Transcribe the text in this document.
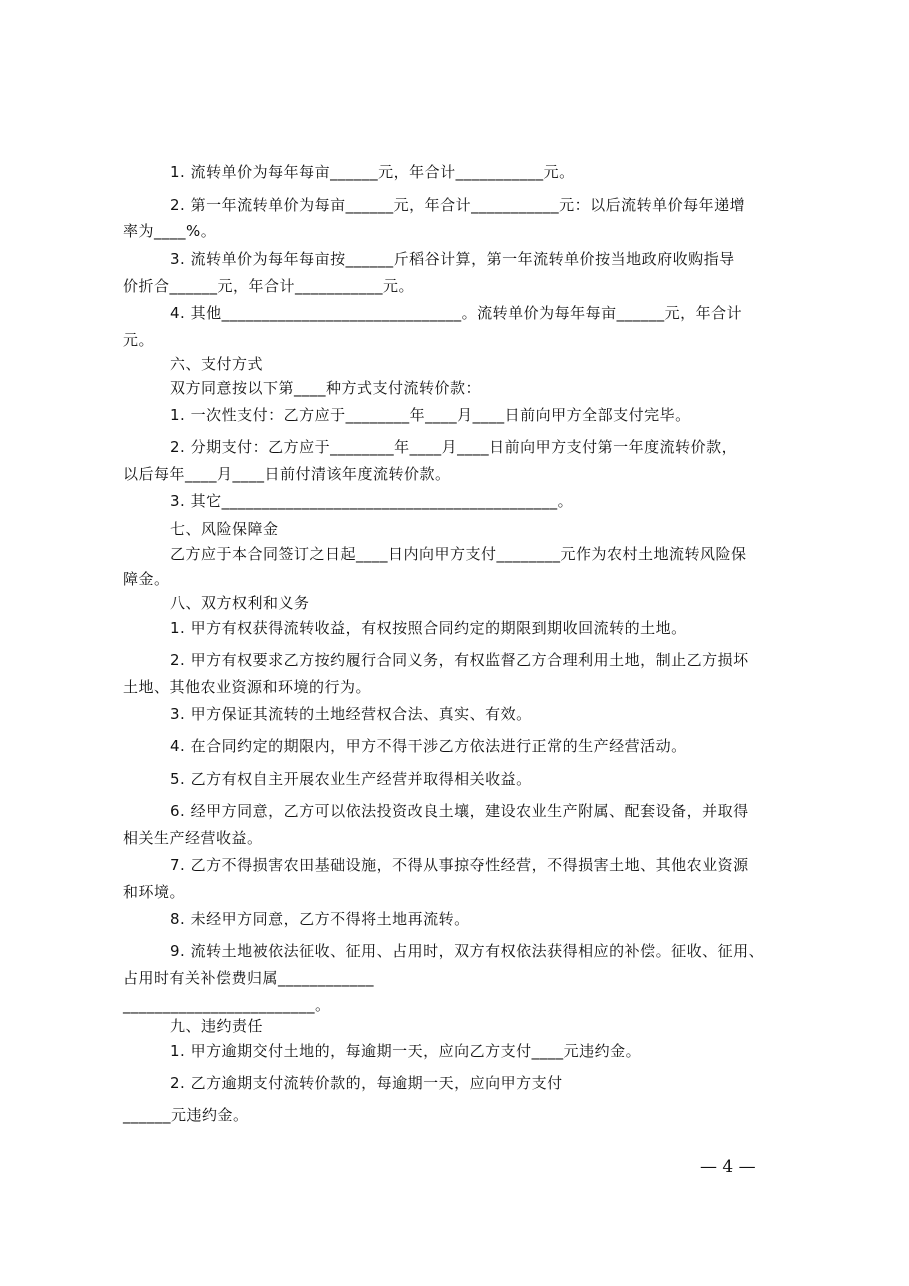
1. 流转单价为每年每亩______元，年合计___________元。
2. 第一年流转单价为每亩______元，年合计___________元：以后流转单价每年递增
率为____%。
3. 流转单价为每年每亩按______斤稻谷计算，第一年流转单价按当地政府收购指导
价折合______元，年合计___________元。
4. 其他______________________________。流转单价为每年每亩______元，年合计
元。
六、支付方式
双方同意按以下第____种方式支付流转价款：
1. 一次性支付：乙方应于________年____月____日前向甲方全部支付完毕。
2. 分期支付：乙方应于________年____月____日前向甲方支付第一年度流转价款，
以后每年____月____日前付清该年度流转价款。
3. 其它__________________________________________。
七、风险保障金
乙方应于本合同签订之日起____日内向甲方支付________元作为农村土地流转风险保
障金。
八、双方权利和义务
1. 甲方有权获得流转收益，有权按照合同约定的期限到期收回流转的土地。
2. 甲方有权要求乙方按约履行合同义务，有权监督乙方合理利用土地，制止乙方损坏
土地、其他农业资源和环境的行为。
3. 甲方保证其流转的土地经营权合法、真实、有效。
4. 在合同约定的期限内，甲方不得干涉乙方依法进行正常的生产经营活动。
5. 乙方有权自主开展农业生产经营并取得相关收益。
6. 经甲方同意，乙方可以依法投资改良土壤，建设农业生产附属、配套设备，并取得
相关生产经营收益。
7. 乙方不得损害农田基础设施，不得从事掠夺性经营，不得损害土地、其他农业资源
和环境。
8. 未经甲方同意，乙方不得将土地再流转。
9. 流转土地被依法征收、征用、占用时，双方有权依法获得相应的补偿。征收、征用、
占用时有关补偿费归属____________
________________________。
九、违约责任
1. 甲方逾期交付土地的，每逾期一天，应向乙方支付____元违约金。
2. 乙方逾期支付流转价款的，每逾期一天，应向甲方支付
______元违约金。
— 4 —
